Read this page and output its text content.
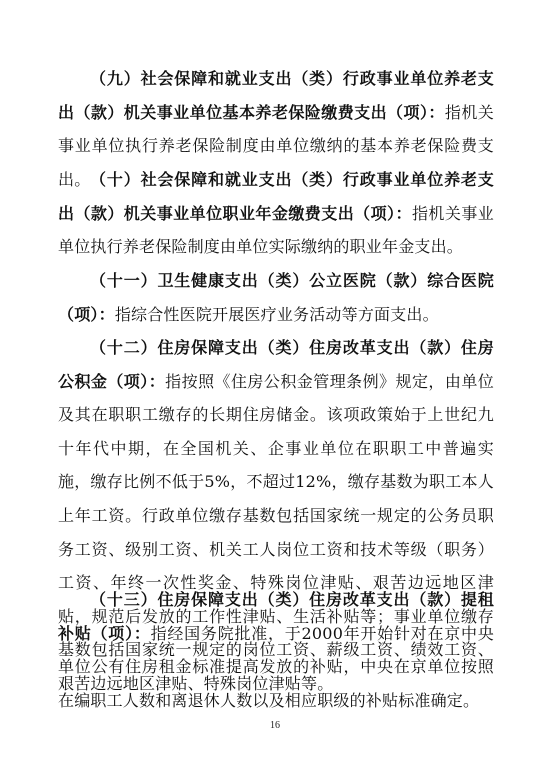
（九）社会保障和就业支出（类）行政事业单位养老支出（款）机关事业单位基本养老保险缴费支出（项）：指机关事业单位执行养老保险制度由单位缴纳的基本养老保险费支出。 （十）社会保障和就业支出（类）行政事业单位养老支出（款）机关事业单位职业年金缴费支出（项）：指机关事业单位执行养老保险制度由单位实际缴纳的职业年金支出。

（十一）卫生健康支出（类）公立医院（款）综合医院（项）：指综合性医院开展医疗业务活动等方面支出。

（十二）住房保障支出（类）住房改革支出（款）住房公积金（项）：指按照《住房公积金管理条例》规定，由单位及其在职职工缴存的长期住房储金。该项政策始于上世纪九十年代中期，在全国机关、企事业单位在职职工中普遍实施，缴存比例不低于5%，不超过12%，缴存基数为职工本人上年工资。行政单位缴存基数包括国家统一规定的公务员职务工资、级别工资、机关工人岗位工资和技术等级（职务）工资、年终一次性奖金、特殊岗位津贴、艰苦边远地区津贴，规范后发放的工作性津贴、生活补贴等；事业单位缴存基数包括国家统一规定的岗位工资、薪级工资、绩效工资、艰苦边远地区津贴、特殊岗位津贴等。

（十三）住房保障支出（类）住房改革支出（款）提租补贴（项）：指经国务院批准，于2000年开始针对在京中央单位公有住房租金标准提高发放的补贴，中央在京单位按照在编职工人数和离退休人数以及相应职级的补贴标准确定。

16
